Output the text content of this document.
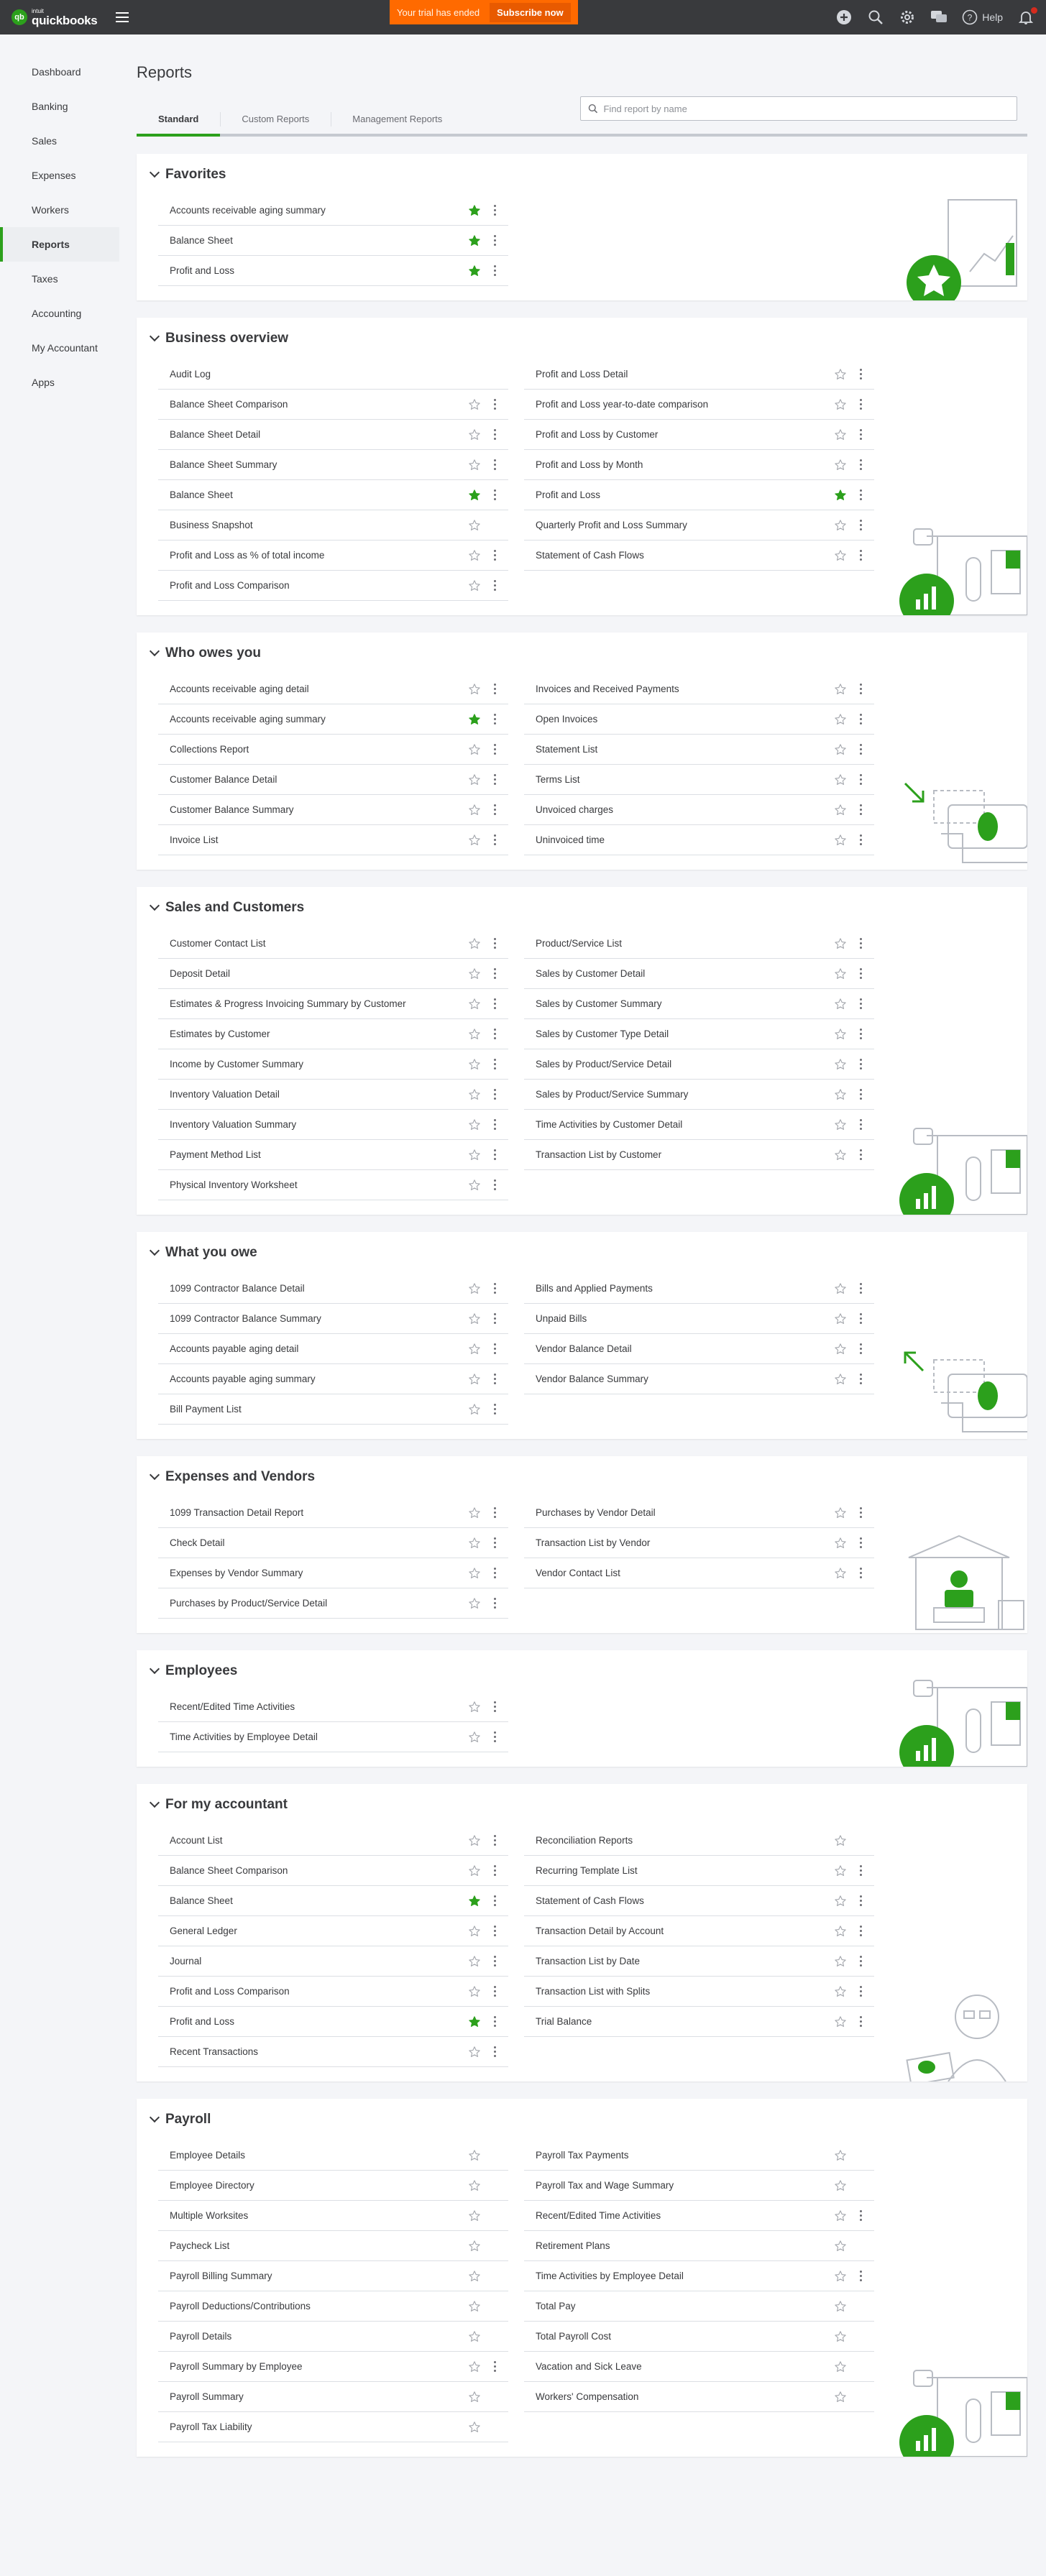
qb
intuit
quickbooks
Your trial has ended	Subscribe now	? Help
Dashboard
Banking
Sales
Expenses
Workers
Reports
Taxes
Accounting
My Accountant
Apps
Reports
Find report by name
Standard	Custom Reports	Management Reports
Favorites
Accounts receivable aging summary
Balance Sheet
Profit and Loss
Business overview
Audit Log
Balance Sheet Comparison
Balance Sheet Detail
Balance Sheet Summary
Balance Sheet
Business Snapshot
Profit and Loss as % of total income
Profit and Loss Comparison
Profit and Loss Detail
Profit and Loss year-to-date comparison
Profit and Loss by Customer
Profit and Loss by Month
Profit and Loss
Quarterly Profit and Loss Summary
Statement of Cash Flows
Who owes you
Accounts receivable aging detail
Accounts receivable aging summary
Collections Report
Customer Balance Detail
Customer Balance Summary
Invoice List
Invoices and Received Payments
Open Invoices
Statement List
Terms List
Unvoiced charges
Uninvoiced time
Sales and Customers
Customer Contact List
Deposit Detail
Estimates & Progress Invoicing Summary by Customer
Estimates by Customer
Income by Customer Summary
Inventory Valuation Detail
Inventory Valuation Summary
Payment Method List
Physical Inventory Worksheet
Product/Service List
Sales by Customer Detail
Sales by Customer Summary
Sales by Customer Type Detail
Sales by Product/Service Detail
Sales by Product/Service Summary
Time Activities by Customer Detail
Transaction List by Customer
What you owe
1099 Contractor Balance Detail
1099 Contractor Balance Summary
Accounts payable aging detail
Accounts payable aging summary
Bill Payment List
Bills and Applied Payments
Unpaid Bills
Vendor Balance Detail
Vendor Balance Summary
Expenses and Vendors
1099 Transaction Detail Report
Check Detail
Expenses by Vendor Summary
Purchases by Product/Service Detail
Purchases by Vendor Detail
Transaction List by Vendor
Vendor Contact List
Employees
Recent/Edited Time Activities
Time Activities by Employee Detail
For my accountant
Account List
Balance Sheet Comparison
Balance Sheet
General Ledger
Journal
Profit and Loss Comparison
Profit and Loss
Recent Transactions
Reconciliation Reports
Recurring Template List
Statement of Cash Flows
Transaction Detail by Account
Transaction List by Date
Transaction List with Splits
Trial Balance
Payroll
Employee Details
Employee Directory
Multiple Worksites
Paycheck List
Payroll Billing Summary
Payroll Deductions/Contributions
Payroll Details
Payroll Summary by Employee
Payroll Summary
Payroll Tax Liability
Payroll Tax Payments
Payroll Tax and Wage Summary
Recent/Edited Time Activities
Retirement Plans
Time Activities by Employee Detail
Total Pay
Total Payroll Cost
Vacation and Sick Leave
Workers' Compensation
